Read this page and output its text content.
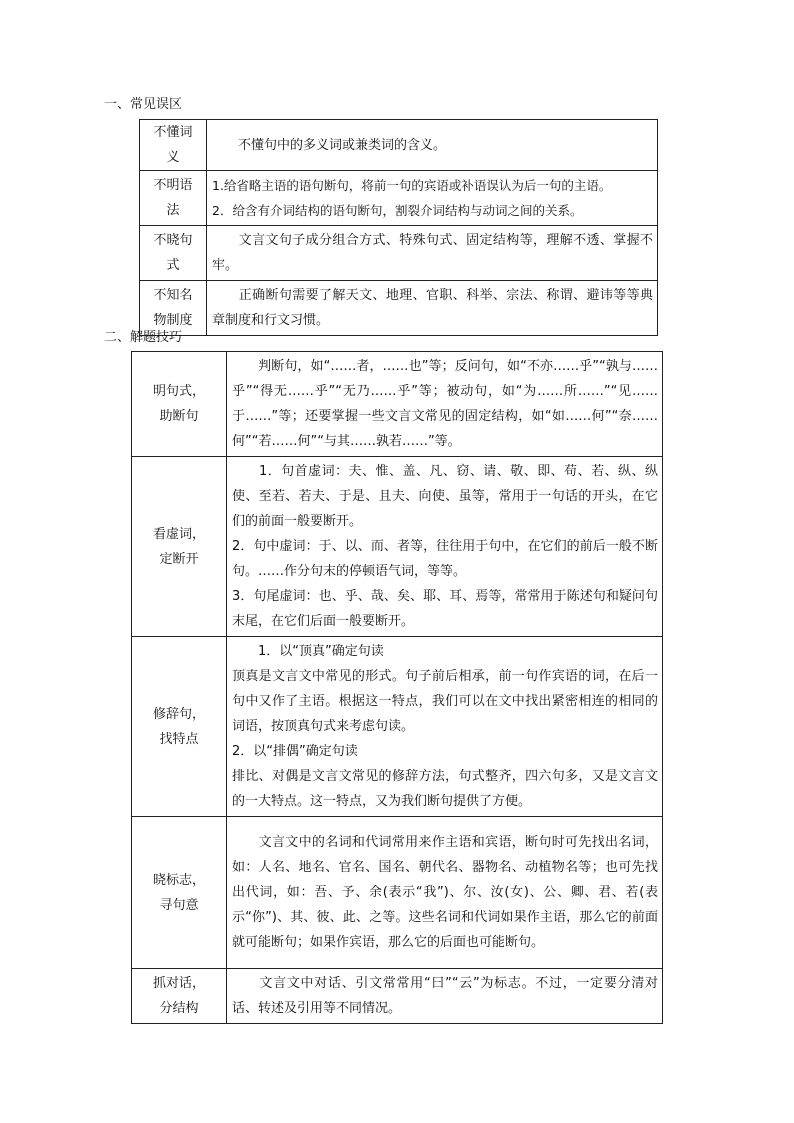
一、常见误区
不懂词
义	　　不懂句中的多义词或兼类词的含义。

不明语
法	1.给省略主语的语句断句，将前一句的宾语或补语误认为后一句的主语。
2．给含有介词结构的语句断句，割裂介词结构与动词之间的关系。

不晓句
式	　　文言文句子成分组合方式、特殊句式、固定结构等，理解不透、掌握不牢。

不知名
物制度	　　正确断句需要了解天文、地理、官职、科举、宗法、称谓、避讳等等典章制度和行文习惯。
二、解题技巧
明句式，
助断句	　　判断句，如“……者，……也”等；反问句，如“不亦……乎”“孰与……乎”“得无……乎”“无乃……乎”等；被动句，如“为……所……”“见……于……”等；还要掌握一些文言文常见的固定结构，如“如……何”“奈……何”“若……何”“与其……孰若……”等。

看虚词，
定断开	　　1．句首虚词：夫、惟、盖、凡、窃、请、敬、即、苟、若、纵、纵使、至若、若夫、于是、且夫、向使、虽等，常用于一句话的开头，在它们的前面一般要断开。
2．句中虚词：于、以、而、者等，往往用于句中，在它们的前后一般不断句。……作分句末的停顿语气词，等等。
3．句尾虚词：也、乎、哉、矣、耶、耳、焉等，常常用于陈述句和疑问句末尾，在它们后面一般要断开。

修辞句，
找特点	　　1．以“顶真”确定句读
顶真是文言文中常见的形式。句子前后相承，前一句作宾语的词，在后一句中又作了主语。根据这一特点，我们可以在文中找出紧密相连的相同的词语，按顶真句式来考虑句读。
2．以“排偶”确定句读
排比、对偶是文言文常见的修辞方法，句式整齐，四六句多，又是文言文的一大特点。这一特点，又为我们断句提供了方便。

晓标志，
寻句意	　　文言文中的名词和代词常用来作主语和宾语，断句时可先找出名词，如：人名、地名、官名、国名、朝代名、器物名、动植物名等；也可先找出代词，如：吾、予、余(表示“我”)、尔、汝(女)、公、卿、君、若(表示“你”)、其、彼、此、之等。这些名词和代词如果作主语，那么它的前面就可能断句；如果作宾语，那么它的后面也可能断句。

抓对话，
分结构	　　文言文中对话、引文常常用“曰”“云”为标志。不过，一定要分清对话、转述及引用等不同情况。
